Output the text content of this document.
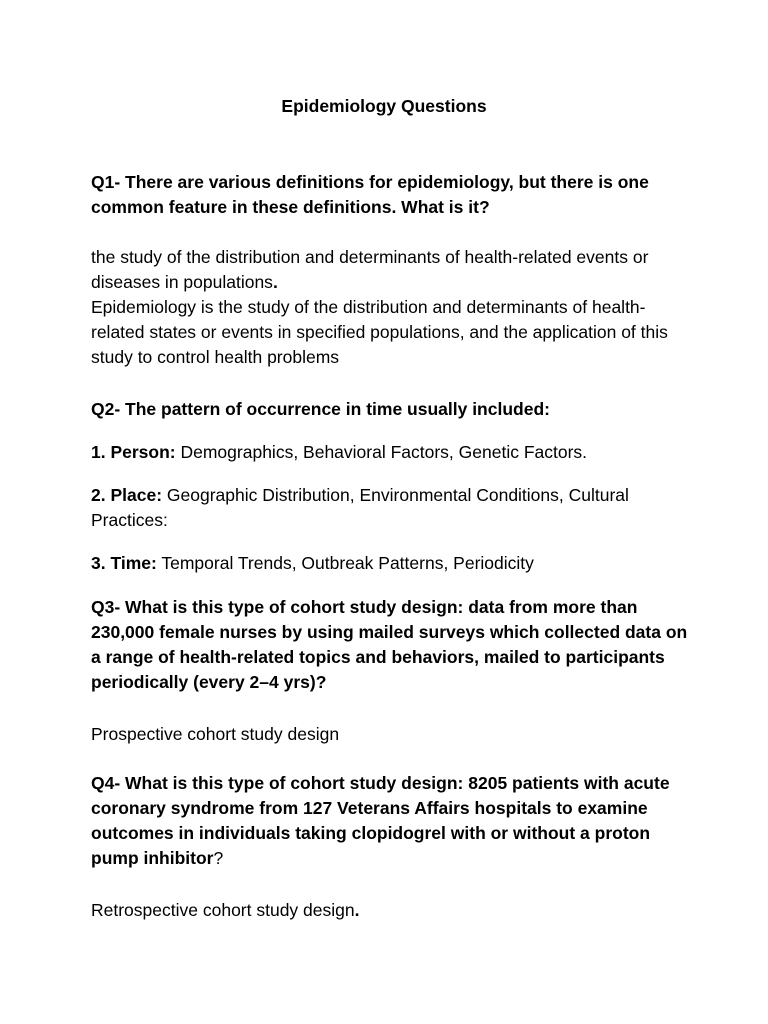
Epidemiology Questions

Q1- There are various definitions for epidemiology, but there is one common feature in these definitions. What is it?

the study of the distribution and determinants of health-related events or diseases in populations.

Epidemiology is the study of the distribution and determinants of health-related states or events in specified populations, and the application of this study to control health problems

Q2- The pattern of occurrence in time usually included:

1. Person: Demographics, Behavioral Factors, Genetic Factors.

2. Place: Geographic Distribution, Environmental Conditions, Cultural Practices:

3. Time: Temporal Trends, Outbreak Patterns, Periodicity

Q3- What is this type of cohort study design: data from more than 230,000 female nurses by using mailed surveys which collected data on a range of health-related topics and behaviors, mailed to participants periodically (every 2–4 yrs)?

Prospective cohort study design

Q4- What is this type of cohort study design: 8205 patients with acute coronary syndrome from 127 Veterans Affairs hospitals to examine outcomes in individuals taking clopidogrel with or without a proton pump inhibitor?

Retrospective cohort study design.
